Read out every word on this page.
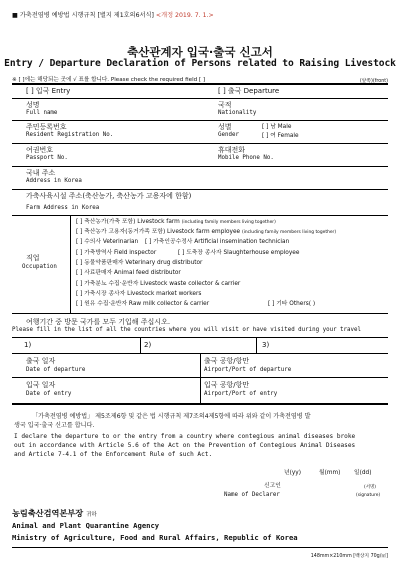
■ 가축전염병 예방법 시행규칙 [별지 제1호의6서식] <개정 2019. 7. 1.>
축산관계자 입국·출국 신고서
Entry / Departure Declaration of Persons related to Raising Livestock
※ [ ]에는 해당되는 곳에 √ 표를 합니다. Please check the required field [ ]	(앞쪽)(front)
[ ] 입국 Entry	[ ] 출국 Departure
성명
Full name
국적
Nationality
주민등록번호
Resident Registration No.
성별
Gender
[ ] 남 Male
[ ] 여 Female
여권번호
Passport No.
휴대전화
Mobile Phone No.
국내 주소
Address in Korea
가축사육시설 주소(축산농가, 축산농가 고용자에 한함)
Farm Address in Korea
직업
Occupation
[ ] 축산농가(가축 포함) Livestock farm (including family members living together)
[ ] 축산농가 고용자(동거가족 포함) Livestock farm employee (including family members living together)
[ ] 수의사 Veterinarian [ ] 가축인공수정사 Artificial insemination technician
[ ] 가축방역사 Field inspector	[ ] 도축장 종사자 Slaughterhouse employee
[ ] 동물약품판매자 Veterinary drug distributor
[ ] 사료판매자 Animal feed distributor
[ ] 가축분뇨 수집·운반자 Livestock waste collector & carrier
[ ] 가축시장 종사자 Livestock market workers
[ ] 원유 수집·운반자 Raw milk collector & carrier	[ ] 기타 Others( )
여행기간 중 방문 국가를 모두 기입해 주십시오.
Please fill in the list of all the countries where you will visit or have visited during your travel
1)	2)	3)
출국 일자
Date of departure
출국 공항/항만
Airport/Port of departure
입국 일자
Date of entry
입국 공항/항만
Airport/Port of entry
「가축전염병 예방법」 제5조제6항 및 같은 법 시행규칙 제7조의4제5항에 따라 위와 같이 가축전염병 발
생국 입국·출국 신고를 합니다.
I declare the departure to or the entry from a country where contegious animal diseases broke
out in accordance with Article 5.6 of the Act on the Prevention of Contegious Animal Diseases
and Article 7-4.1 of the Enforcement Rule of such Act.
년(yy)	월(mm) 일(dd)
신고인
Name of Declarer
(서명)
(signature)
농림축산검역본부장 귀하
Animal and Plant Quarantine Agency
Ministry of Agriculture, Food and Rural Affairs, Republic of Korea
148mm×210mm [백상지 70g/㎡]
